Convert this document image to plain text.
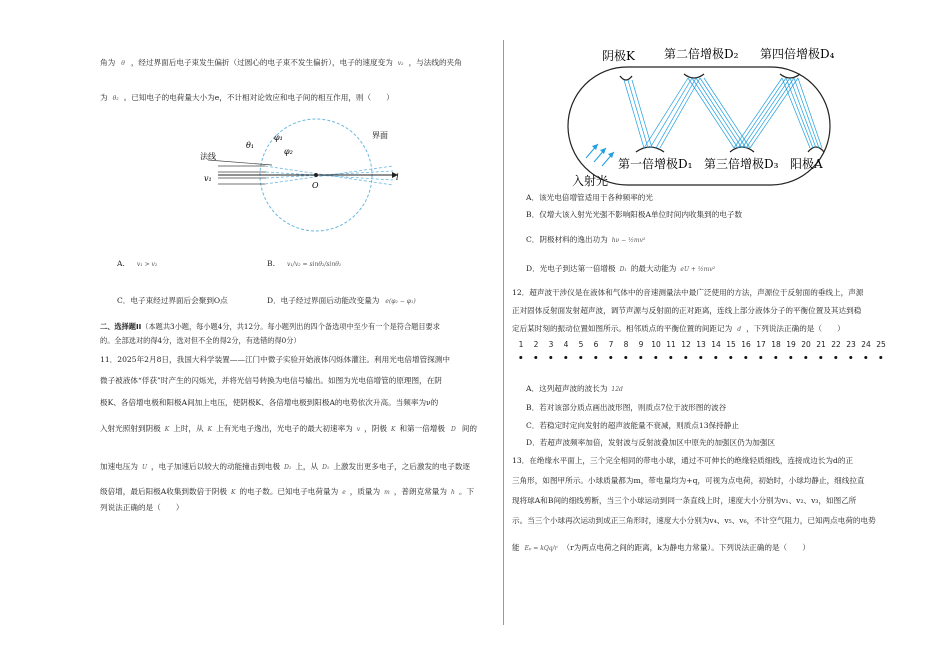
角为 θ ，经过界面后电子束发生偏折（过圆心的电子束不发生偏折），电子的速度变为 v₂ ，与法线的夹角
为 θ₂ 。已知电子的电荷量大小为e，不计相对论效应和电子间的相互作用，则（　　）
法线
界面
θ₁
φ₁
φ₂
v₁
O
l
A. v₁ > v₂	B. v₁/v₂ = sinθ₂/sinθ₁
C．电子束经过界面后会聚到O点	D．电子经过界面后动能改变量为 e(φ₂ − φ₁)
二、选择题II（本题共3小题，每小题4分，共12分。每小题列出的四个备选项中至少有一个是符合题目要求
的。全部选对的得4分，选对但不全的得2分，有选错的得0分）
11．2025年2月8日，我国大科学装置——江门中微子实验开始液体闪烁体灌注。利用光电倍增管探测中
微子被液体“俘获”时产生的闪烁光，并将光信号转换为电信号输出。如图为光电倍增管的原理图，在阴
极K、各倍增电极和阳极A间加上电压，使阴极K、各倍增电极到阳极A的电势依次升高。当频率为ν的
入射光照射到阴极 K 上时，从 K 上有光电子逸出，光电子的最大初速率为 v ，阴极 K 和第一倍增极 D 间的
加速电压为 U ，电子加速后以较大的动能撞击到电极 D₁ 上，从 D₁ 上激发出更多电子，之后激发的电子数逐
级倍增，最后阳极A收集到数倍于阴极 K 的电子数。已知电子电荷量为 e ，质量为 m ，普朗克常量为 h 。下
列说法正确的是（　　）
阴极K 第二倍增极D₂ 第四倍增极D₄
第一倍增极D₁ 第三倍增极D₃ 阳极A
入射光
A．该光电倍增管适用于各种频率的光
B．仅增大该入射光光强不影响阳极A单位时间内收集到的电子数
C．阴极材料的逸出功为 hν − ½mv²
D．光电子到达第一倍增极 D₁ 的最大动能为 eU + ½mv²
12．超声波干涉仪是在液体和气体中的音速测量法中最广泛使用的方法，声源位于反射面的垂线上，声源
正对固体反射面发射超声波，调节声源与反射面的正对距离，连线上部分液体分子的平衡位置及其达到稳
定后某时刻的振动位置如图所示。相邻质点的平衡位置的间距记为 d ，下列说法正确的是（　　）
A．这列超声波的波长为 12d
B．若对该部分质点画出波形图，则质点7位于波形图的波谷
C．若稳定时定向发射的超声波能量不衰减，则质点13保持静止
D．若超声波频率加倍，发射波与反射波叠加区中原先的加强区仍为加强区
13．在绝缘水平面上，三个完全相同的带电小球，通过不可伸长的绝缘轻质细线，连接成边长为d的正
三角形，如图甲所示。小球质量都为m，带电量均为+q，可视为点电荷，初始时，小球均静止，细线拉直
现将球A和B间的细线剪断，当三个小球运动到同一条直线上时，速度大小分别为v₁、v₂、v₃，如图乙所
示。当三个小球再次运动到成正三角形时，速度大小分别为v₄、v₅、v₆，不计空气阻力，已知两点电荷的电势
能 Eₚ = kQq/r （r为两点电荷之间的距离，k为静电力常量）。下列说法正确的是（　　）
1 2 3 4 5 6 7 8 9 10 11 12 13 14 15 16 17 18 19 20 21 22 23 24 25
